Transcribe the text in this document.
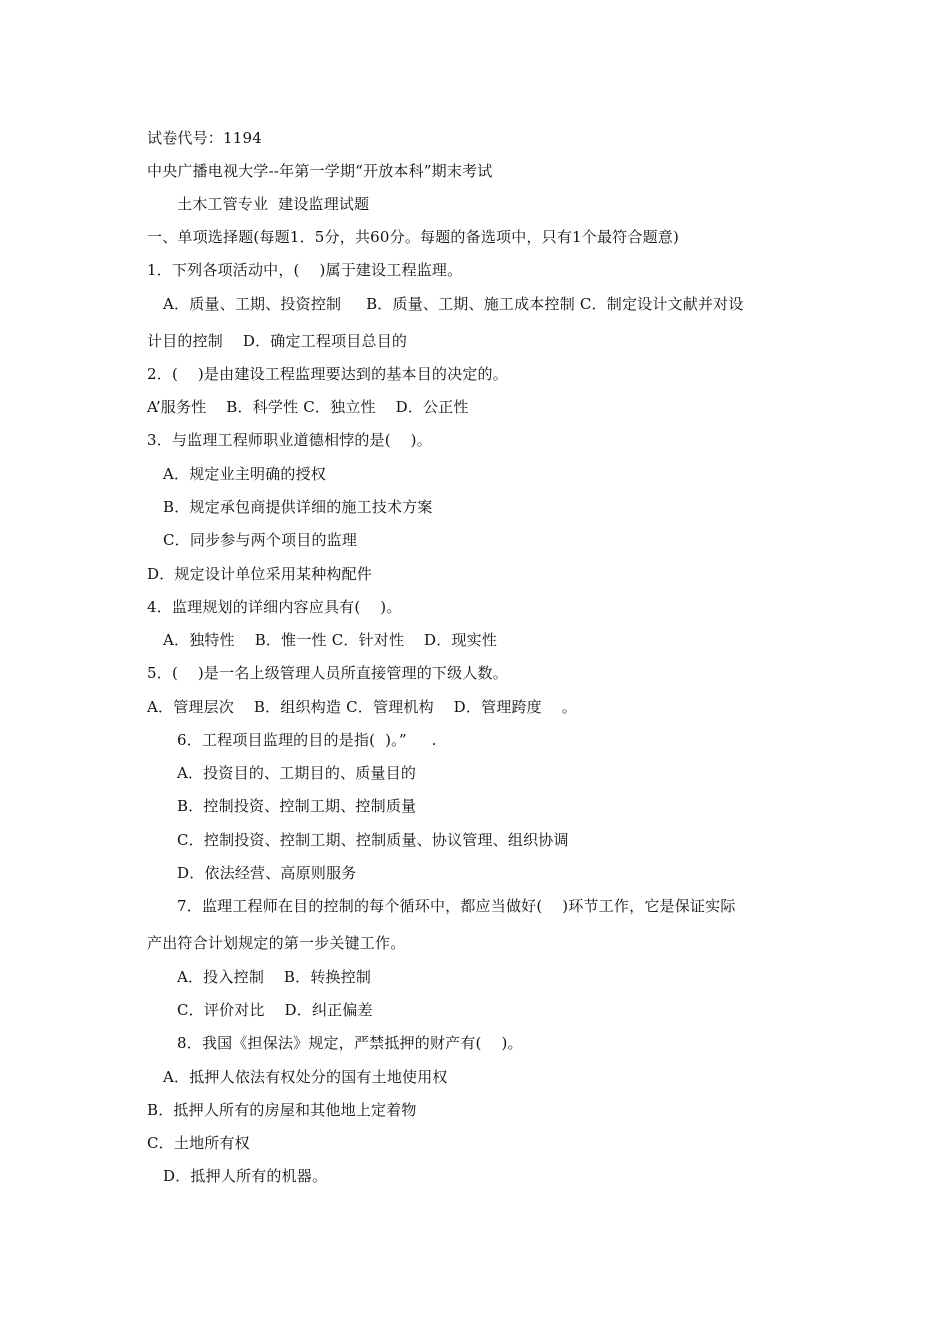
试卷代号：1194
中央广播电视大学--年第一学期“开放本科”期末考试
土木工管专业  建设监理试题
一、单项选择题(每题1．5分，共60分。每题的备选项中，只有1个最符合题意)
1．下列各项活动中，(    )属于建设工程监理。
A．质量、工期、投资控制     B．质量、工期、施工成本控制 C．制定设计文献并对设
计目的控制    D．确定工程项目总目的
2．(    )是由建设工程监理要达到的基本目的决定的。
A’服务性    B．科学性 C．独立性    D．公正性
3．与监理工程师职业道德相悖的是(    )。
A．规定业主明确的授权
B．规定承包商提供详细的施工技术方案
C．同步参与两个项目的监理
D．规定设计单位采用某种构配件
4．监理规划的详细内容应具有(    )。
A．独特性    B．惟一性 C．针对性    D．现实性
5．(    )是一名上级管理人员所直接管理的下级人数。
A．管理层次    B．组织构造 C．管理机构    D．管理跨度    。
6．工程项目监理的目的是指(  )。”     .
A．投资目的、工期目的、质量目的
B．控制投资、控制工期、控制质量
C．控制投资、控制工期、控制质量、协议管理、组织协调
D．依法经营、高原则服务
7．监理工程师在目的控制的每个循环中，都应当做好(    )环节工作，它是保证实际
产出符合计划规定的第一步关键工作。
A．投入控制    B．转换控制
C．评价对比    D．纠正偏差
8．我国《担保法》规定，严禁抵押的财产有(    )。
A．抵押人依法有权处分的国有土地使用权
B．抵押人所有的房屋和其他地上定着物
C．土地所有权
D．抵押人所有的机器。
